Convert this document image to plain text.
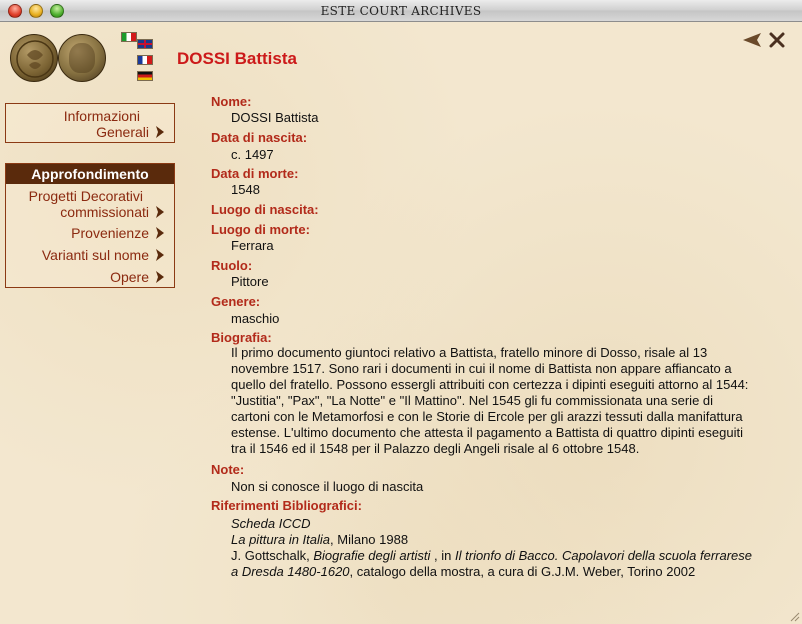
ESTE COURT ARCHIVES
DOSSI Battista
Informazioni
Generali
Approfondimento
Progetti Decorativi
commissionati
Provenienze
Varianti sul nome
Opere
Nome:
DOSSI Battista
Data di nascita:
c. 1497
Data di morte:
1548
Luogo di nascita:
Luogo di morte:
Ferrara
Ruolo:
Pittore
Genere:
maschio
Biografia:
Il primo documento giuntoci relativo a Battista, fratello minore di Dosso, risale al 13
novembre 1517. Sono rari i documenti in cui il nome di Battista non appare affiancato a
quello del fratello. Possono essergli attribuiti con certezza i dipinti eseguiti attorno al 1544:
"Justitia", "Pax", "La Notte" e "Il Mattino". Nel 1545 gli fu commissionata una serie di
cartoni con le Metamorfosi e con le Storie di Ercole per gli arazzi tessuti dalla manifattura
estense. L'ultimo documento che attesta il pagamento a Battista di quattro dipinti eseguiti
tra il 1546 ed il 1548 per il Palazzo degli Angeli risale al 6 ottobre 1548.
Note:
Non si conosce il luogo di nascita
Riferimenti Bibliografici:
Scheda ICCD
La pittura in Italia, Milano 1988
J. Gottschalk, Biografie degli artisti , in Il trionfo di Bacco. Capolavori della scuola ferrarese
a Dresda 1480-1620, catalogo della mostra, a cura di G.J.M. Weber, Torino 2002
